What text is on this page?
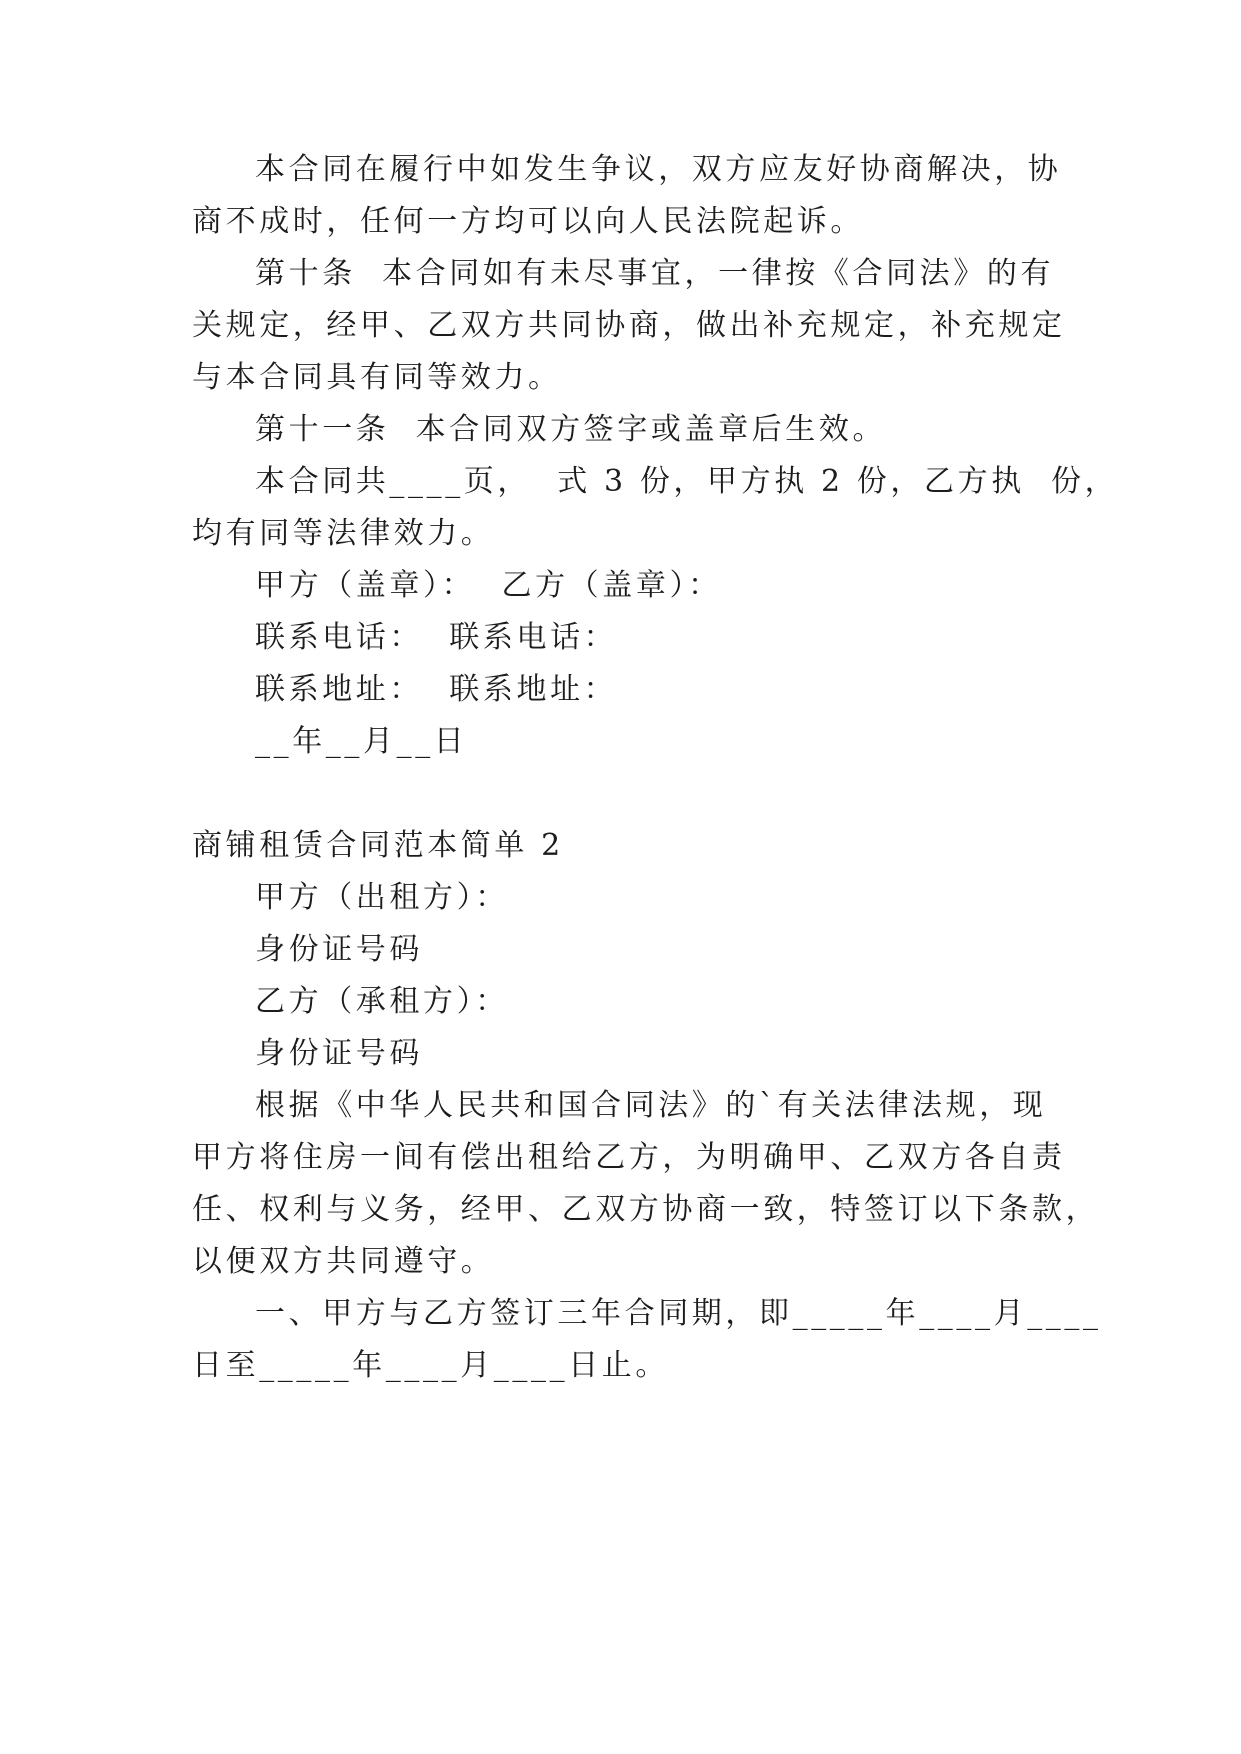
本合同在履行中如发生争议，双方应友好协商解决，协
商不成时，任何一方均可以向人民法院起诉。
第十条  本合同如有未尽事宜，一律按《合同法》的有
关规定，经甲、乙双方共同协商，做出补充规定，补充规定
与本合同具有同等效力。
第十一条  本合同双方签字或盖章后生效。
本合同共____页，  式 3 份，甲方执 2 份，乙方执  份，
均有同等法律效力。
甲方（盖章）：  乙方（盖章）：
联系电话：  联系电话：
联系地址：  联系地址：
__年__月__日
商铺租赁合同范本简单 2
甲方（出租方）：
身份证号码
乙方（承租方）：
身份证号码
根据《中华人民共和国合同法》的`有关法律法规，现
甲方将住房一间有偿出租给乙方，为明确甲、乙双方各自责
任、权利与义务，经甲、乙双方协商一致，特签订以下条款，
以便双方共同遵守。
一、甲方与乙方签订三年合同期，即_____年____月____
日至_____年____月____日止。
